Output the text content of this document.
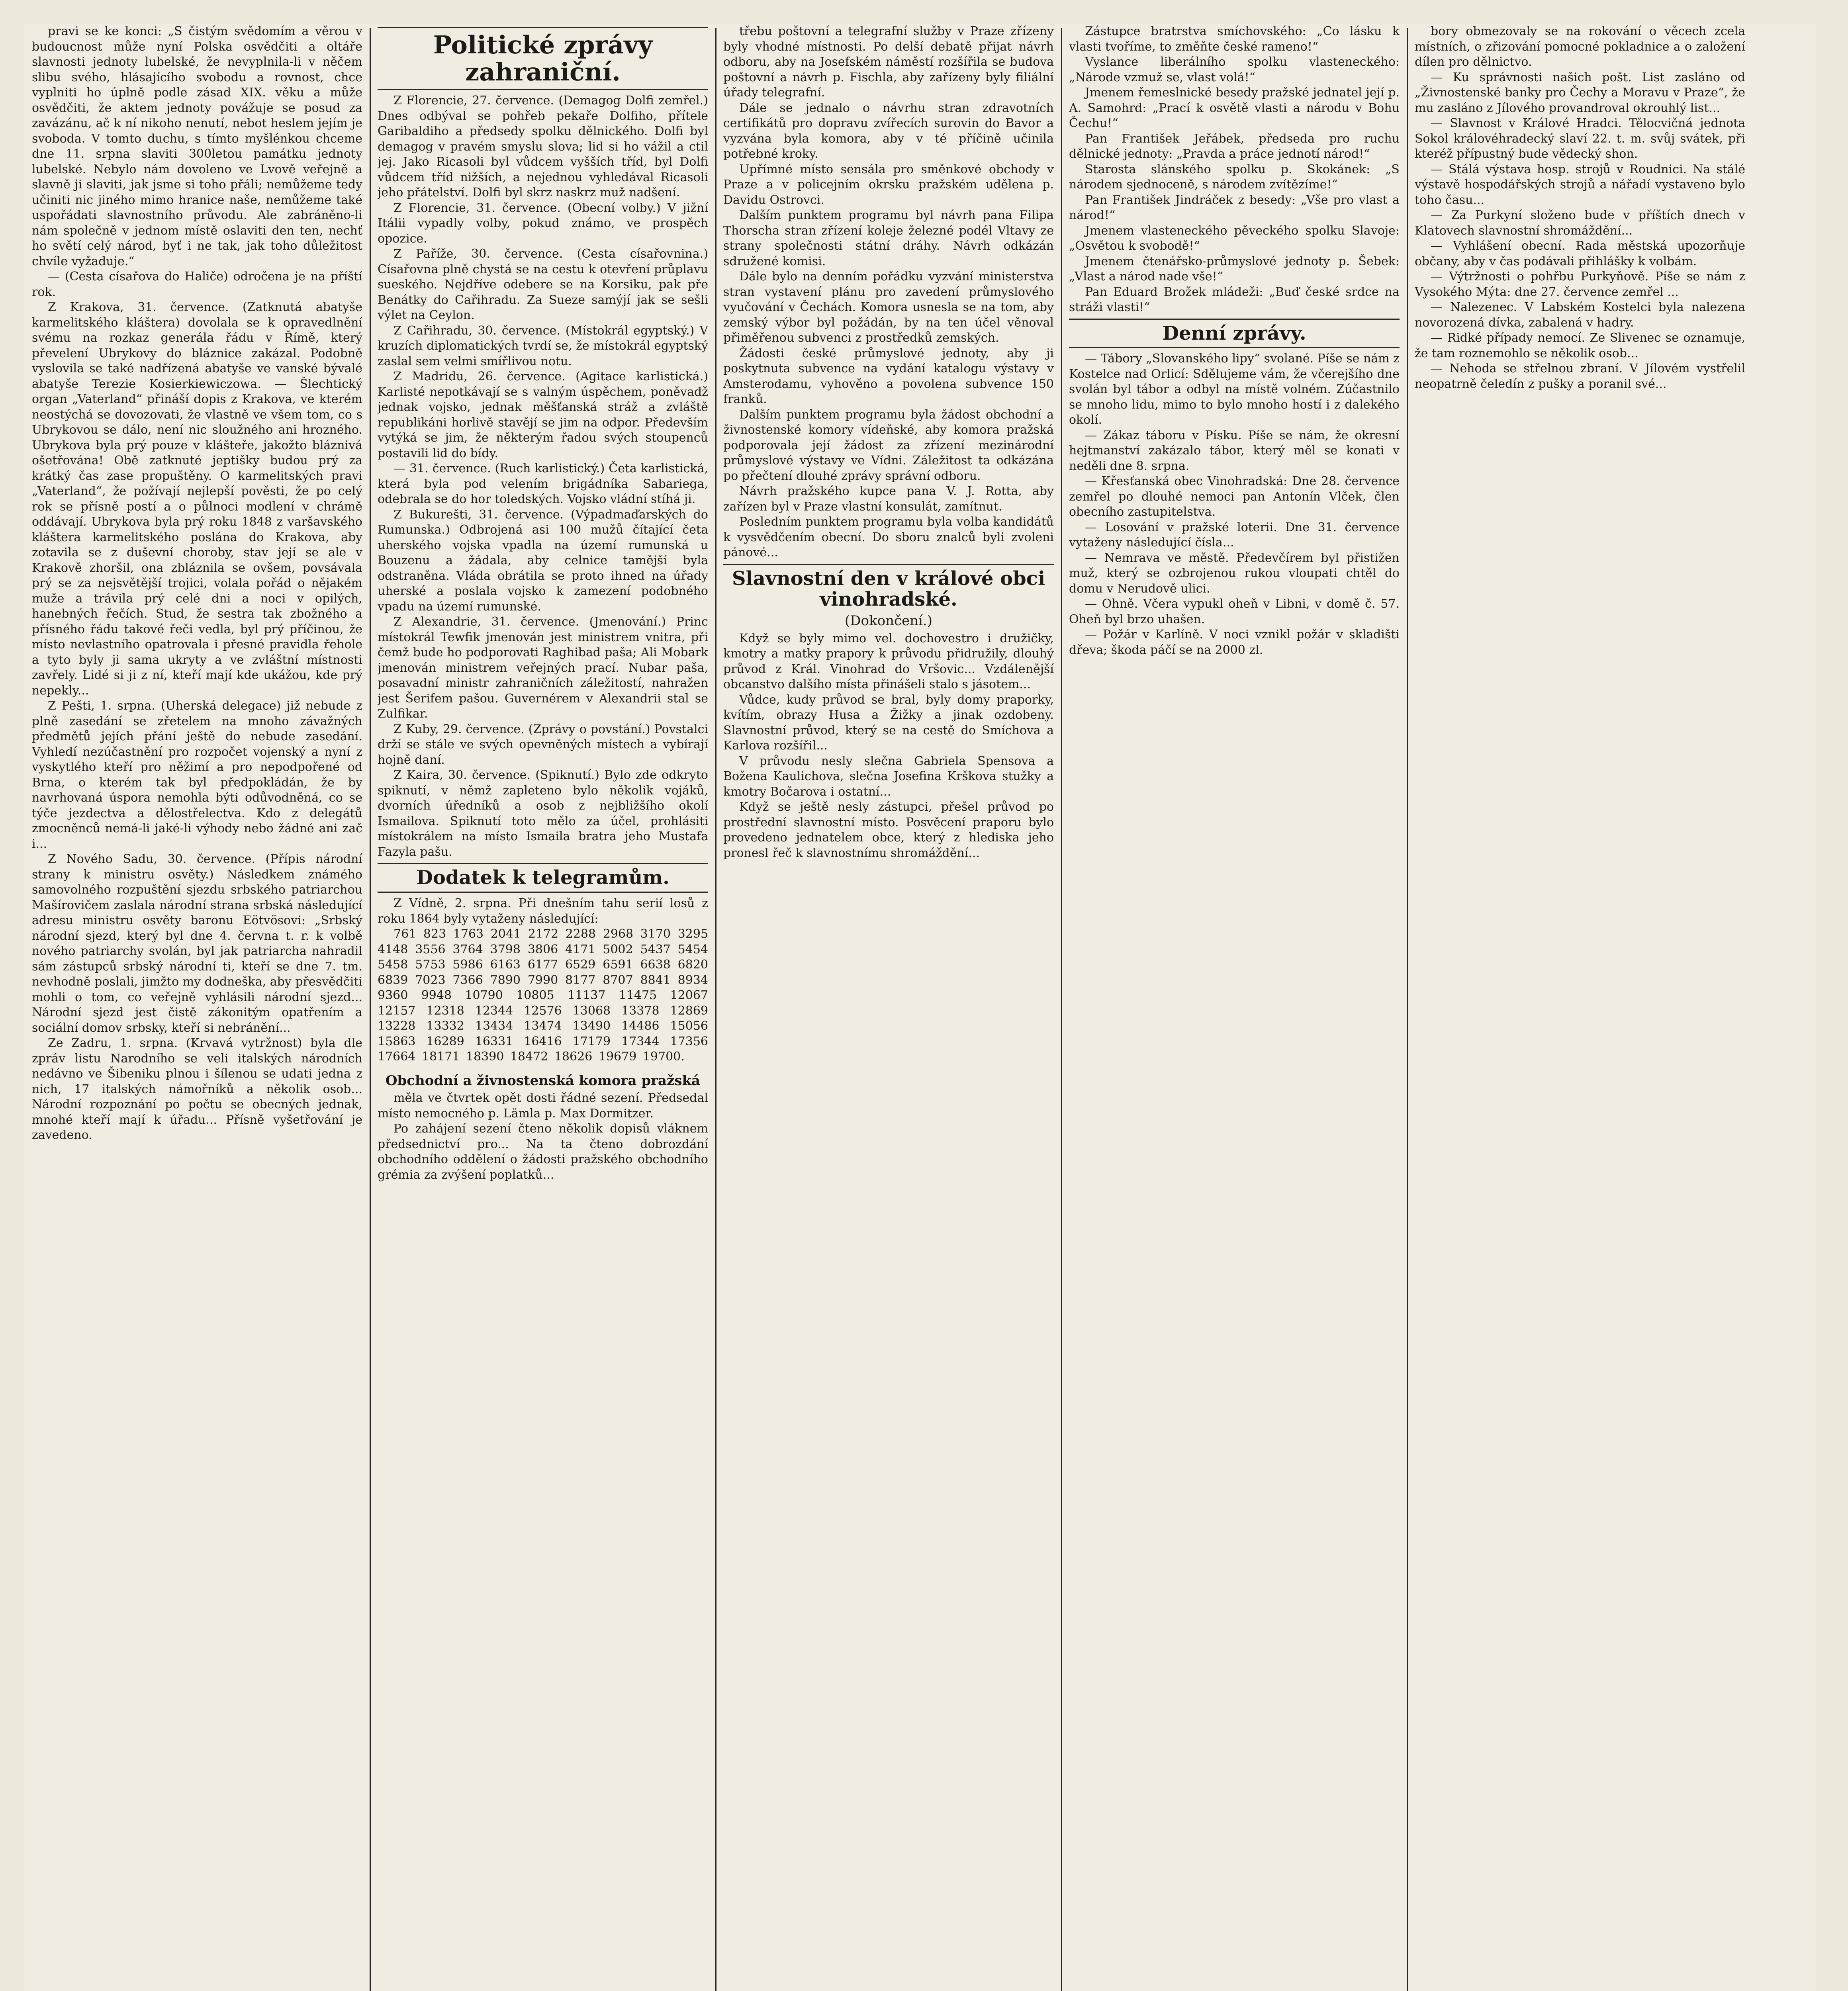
pravi se ke konci: „S čistým svědomím a věrou v budoucnost může nyní Polska osvědčiti a oltáře slavnosti jednoty lubelské, že nevyplnila-li v něčem slibu svého, hlásajícího svobodu a rovnost, chce vyplniti ho úplně podle zásad XIX. věku a může osvědčiti, že aktem jednoty povážuje se posud za zavázánu, ač k ní nikoho nenutí, nebot heslem jejím je svoboda. V tomto duchu, s tímto myšlénkou chceme dne 11. srpna slaviti 300letou památku jednoty lubelské. Nebylo nám dovoleno ve Lvově veřejně a slavně ji slaviti, jak jsme si toho přáli; nemůžeme tedy učiniti nic jiného mimo hranice naše, nemůžeme také uspořádati slavnostního průvodu. Ale zabráněno-li nám společně v jednom místě oslaviti den ten, nechť ho světí celý národ, byť i ne tak, jak toho důležitost chvíle vyžaduje.“

— (Cesta císařova do Haliče) odročena je na příští rok.

Z Krakova, 31. července. (Zatknutá abatyše karmelitského kláštera) dovolala se k opravedlnění svému na rozkaz generála řádu v Římě, který převelení Ubrykovy do bláznice zakázal. Podobně vyslovila se také nadřízená abatyše ve vanské bývalé abatyše Terezie Kosierkiewiczowa. — Šlechtický organ „Vaterland“ přináší dopis z Krakova, ve kterém neostýchá se dovozovati, že vlastně ve všem tom, co s Ubrykovou se dálo, není nic sloužného ani hrozného. Ubrykova byla prý pouze v klášteře, jakožto bláznivá ošetřována! Obě zatknuté jeptišky budou prý za krátký čas zase propuštěny. O karmelitských pravi „Vaterland“, že požívají nejlepší pověsti, že po celý rok se přísně postí a o půlnoci modlení v chrámě oddávají. Ubrykova byla prý roku 1848 z varšavského kláštera karmelitského poslána do Krakova, aby zotavila se z duševní choroby, stav její se ale v Krakově zhoršil, ona zbláznila se ovšem, povsávala prý se za nejsvětější trojici, volala pořád o nějakém muže a trávila prý celé dni a noci v opilých, hanebných řečích. Stud, že sestra tak zbožného a přísného řádu takové řeči vedla, byl prý příčinou, že místo nevlastního opatrovala i přesné pravidla řehole a tyto byly ji sama ukryty a ve zvláštní místnosti zavřely. Lidé si ji z ní, kteří mají kde ukážou, kde prý nepekly...

Z Pešti, 1. srpna. (Uherská delegace) již nebude z plně zasedání se zřetelem na mnoho závažných předmětů jejích přání ještě do nebude zasedání. Vyhledí nezúčastnění pro rozpočet vojenský a nyní z vyskytlého kteří pro něžimí a pro nepodpořené od Brna, o kterém tak byl předpokládán, že by navrhovaná úspora nemohla býti odůvodněná, co se týče jezdectva a dělostřelectva. Kdo z delegátů zmocněnců nemá-li jaké-li výhody nebo žádné ani zač i...

Z Nového Sadu, 30. července. (Přípis národní strany k ministru osvěty.) Následkem známého samovolného rozpuštění sjezdu srbského patriarchou Mašírovičem zaslala národní strana srbská následující adresu ministru osvěty baronu Eötvösovi: „Srbský národní sjezd, který byl dne 4. června t. r. k volbě nového patriarchy svolán, byl jak patriarcha nahradil sám zástupců srbský národní ti, kteří se dne 7. tm. nevhodně poslali, jimžto my dodneška, aby přesvědčiti mohli o tom, co veřejně vyhlásili národní sjezd... Národní sjezd jest čistě zákonitým opatřením a sociální domov srbsky, kteří si nebránění...

Ze Zadru, 1. srpna. (Krvavá vytržnost) byla dle zpráv listu Narodního se veli italských národních nedávno ve Šibeniku plnou i šílenou se udati jedna z nich, 17 italských námořníků a několik osob... Národní rozpoznání po počtu se obecných jednak, mnohé kteří mají k úřadu... Přísně vyšetřování je zavedeno.

Politické zprávy zahraniční.

Z Florencie, 27. července. (Demagog Dolfi zemřel.) Dnes odbýval se pohřeb pekaře Dolfiho, přítele Garibaldiho a předsedy spolku dělnického. Dolfi byl demagog v pravém smyslu slova; lid si ho vážil a ctil jej. Jako Ricasoli byl vůdcem vyšších tříd, byl Dolfi vůdcem tříd nižších, a nejednou vyhledával Ricasoli jeho přátelství. Dolfi byl skrz naskrz muž nadšení.

Z Florencie, 31. července. (Obecní volby.) V jižní Itálii vypadly volby, pokud známo, ve prospěch opozice.

Z Paříže, 30. července. (Cesta císařovnina.) Císařovna plně chystá se na cestu k otevření průplavu sueského. Nejdříve odebere se na Korsiku, pak pře Benátky do Cařihradu. Za Sueze samýjí jak se sešli výlet na Ceylon.

Z Cařihradu, 30. července. (Místokrál egyptský.) V kruzích diplomatických tvrdí se, že místokrál egyptský zaslal sem velmi smířlivou notu.

Z Madridu, 26. července. (Agitace karlistická.) Karlisté nepotkávají se s valným úspěchem, poněvadž jednak vojsko, jednak měšťanská stráž a zvláště republikáni horlivě stavějí se jim na odpor. Především vytýká se jim, že některým řadou svých stoupenců postavili lid do bídy.

— 31. července. (Ruch karlistický.) Četa karlistická, která byla pod velením brigádníka Sabariega, odebrala se do hor toledských. Vojsko vládní stíhá ji.

Z Bukurešti, 31. července. (Výpadmaďarských do Rumunska.) Odbrojená asi 100 mužů čítající četa uherského vojska vpadla na území rumunská u Bouzenu a žádala, aby celnice tamější byla odstraněna. Vláda obrátila se proto ihned na úřady uherské a poslala vojsko k zamezení podobného vpadu na území rumunské.

Z Alexandrie, 31. července. (Jmenování.) Princ místokrál Tewfik jmenován jest ministrem vnitra, při čemž bude ho podporovati Raghibad paša; Ali Mobark jmenován ministrem veřejných prací. Nubar paša, posavadní ministr zahraničních záležitostí, nahražen jest Šerifem pašou. Guvernérem v Alexandrii stal se Zulfikar.

Z Kuby, 29. července. (Zprávy o povstání.) Povstalci drží se stále ve svých opevněných místech a vybírají hojně daní.

Z Kaira, 30. července. (Spiknutí.) Bylo zde odkryto spiknutí, v němž zapleteno bylo několik vojáků, dvorních úředníků a osob z nejbližšího okolí Ismailova. Spiknutí toto mělo za účel, prohlásiti místokrálem na místo Ismaila bratra jeho Mustafa Fazyla pašu.

Dodatek k telegramům.

Z Vídně, 2. srpna. Při dnešním tahu serií losů z roku 1864 byly vytaženy následující:

761 823 1763 2041 2172 2288 2968 3170 3295 4148 3556 3764 3798 3806 4171 5002 5437 5454 5458 5753 5986 6163 6177 6529 6591 6638 6820 6839 7023 7366 7890 7990 8177 8707 8841 8934 9360 9948 10790 10805 11137 11475 12067 12157 12318 12344 12576 13068 13378 12869 13228 13332 13434 13474 13490 14486 15056 15863 16289 16331 16416 17179 17344 17356 17664 18171 18390 18472 18626 19679 19700.

Obchodní a živnostenská komora pražská

měla ve čtvrtek opět dosti řádné sezení. Předsedal místo nemocného p. Lämla p. Max Dormitzer.

Po zahájení sezení čteno několik dopisů vláknem předsednictví pro... Na ta čteno dobrozdání obchodního oddělení o žádosti pražského obchodního grémia za zvýšení poplatků...

třebu poštovní a telegrafní služby v Praze zřízeny byly vhodné místnosti. Po delší debatě přijat návrh odboru, aby na Josefském náměstí rozšířila se budova poštovní a návrh p. Fischla, aby zařízeny byly filiální úřady telegrafní.

Dále se jednalo o návrhu stran zdravotních certifikátů pro dopravu zvířecích surovin do Bavor a vyzvána byla komora, aby v té příčině učinila potřebné kroky.

Upřímné místo sensála pro směnkové obchody v Praze a v policejním okrsku pražském udělena p. Davidu Ostrovci.

Dalším punktem programu byl návrh pana Filipa Thorscha stran zřízení koleje železné podél Vltavy ze strany společnosti státní dráhy. Návrh odkázán sdružené komisi.

Dále bylo na denním pořádku vyzvání ministerstva stran vystavení plánu pro zavedení průmyslového vyučování v Čechách. Komora usnesla se na tom, aby zemský výbor byl požádán, by na ten účel věnoval přiměřenou subvenci z prostředků zemských.

Žádosti české průmyslové jednoty, aby ji poskytnuta subvence na vydání katalogu výstavy v Amsterodamu, vyhověno a povolena subvence 150 franků.

Dalším punktem programu byla žádost obchodní a živnostenské komory vídeňské, aby komora pražská podporovala její žádost za zřízení mezinárodní průmyslové výstavy ve Vídni. Záležitost ta odkázána po přečtení dlouhé zprávy správní odboru.

Návrh pražského kupce pana V. J. Rotta, aby zařízen byl v Praze vlastní konsulát, zamítnut.

Posledním punktem programu byla volba kandidátů k vysvědčením obecní. Do sboru znalců byli zvoleni pánové...

Slavnostní den v králové obci vinohradské.
(Dokončení.)

Když se byly mimo vel. dochovestro i družičky, kmotry a matky prapory k průvodu přidružily, dlouhý průvod z Král. Vinohrad do Vršovic... Vzdálenější obcanstvo dalšího místa přinášeli stalo s jásotem...

Vůdce, kudy průvod se bral, byly domy praporky, kvítím, obrazy Husa a Žižky a jinak ozdobeny. Slavnostní průvod, který se na cestě do Smíchova a Karlova rozšířil...

V průvodu nesly slečna Gabriela Spensova a Božena Kaulichova, slečna Josefina Krškova stužky a kmotry Bočarova i ostatní...

Když se ještě nesly zástupci, přešel průvod po prostřední slavnostní místo. Posvěcení praporu bylo provedeno jednatelem obce, který z hlediska jeho pronesl řeč k slavnostnímu shromáždění...

Zástupce bratrstva smíchovského: „Co lásku k vlasti tvoříme, to změňte české rameno!“

Vyslance liberálního spolku vlasteneckého: „Národe vzmuž se, vlast volá!“

Jmenem řemeslnické besedy pražské jednatel její p. A. Samohrd: „Prací k osvětě vlasti a národu v Bohu Čechu!“

Pan František Jeřábek, předseda pro ruchu dělnické jednoty: „Pravda a práce jednotí národ!“

Starosta slánského spolku p. Skokánek: „S národem sjednoceně, s národem zvítězíme!“

Pan František Jindráček z besedy: „Vše pro vlast a národ!“

Jmenem vlasteneckého pěveckého spolku Slavoje: „Osvětou k svobodě!“

Jmenem čtenářsko-průmyslové jednoty p. Šebek: „Vlast a národ nade vše!“

Pan Eduard Brožek mládeži: „Buď české srdce na stráži vlasti!“

Denní zprávy.

— Tábory „Slovanského lipy“ svolané. Píše se nám z Kostelce nad Orlicí: Sdělujeme vám, že včerejšího dne svolán byl tábor a odbyl na místě volném. Zúčastnilo se mnoho lidu, mimo to bylo mnoho hostí i z dalekého okolí.

— Zákaz táboru v Písku. Píše se nám, že okresní hejtmanství zakázalo tábor, který měl se konati v neděli dne 8. srpna.

— Křesťanská obec Vinohradská: Dne 28. července zemřel po dlouhé nemoci pan Antonín Vlček, člen obecního zastupitelstva.

— Losování v pražské loterii. Dne 31. července vytaženy následující čísla...

— Nemrava ve městě. Předevčírem byl přistižen muž, který se ozbrojenou rukou vloupati chtěl do domu v Nerudově ulici.

— Ohně. Včera vypukl oheň v Libni, v domě č. 57. Oheň byl brzo uhašen.

— Požár v Karlíně. V noci vznikl požár v skladišti dřeva; škoda páčí se na 2000 zl.

bory obmezovaly se na rokování o věcech zcela místních, o zřizování pomocné pokladnice a o založení dílen pro dělnictvo.

— Ku správnosti našich pošt. List zasláno od „Živnostenské banky pro Čechy a Moravu v Praze“, že mu zasláno z Jílového provandroval okrouhlý list...

— Slavnost v Králové Hradci. Tělocvičná jednota Sokol královéhradecký slaví 22. t. m. svůj svátek, při kteréž přípustný bude vědecký shon.

— Stálá výstava hosp. strojů v Roudnici. Na stálé výstavě hospodářských strojů a nářadí vystaveno bylo toho času...

— Za Purkyní složeno bude v příštích dnech v Klatovech slavnostní shromáždění...

— Vyhlášení obecní. Rada městská upozorňuje občany, aby v čas podávali přihlášky k volbám.

— Výtržnosti o pohřbu Purkyňově. Píše se nám z Vysokého Mýta: dne 27. července zemřel ...

— Nalezenec. V Labském Kostelci byla nalezena novorozená dívka, zabalená v hadry.

— Ridké případy nemocí. Ze Slivenec se oznamuje, že tam roznemohlo se několik osob...

— Nehoda se střelnou zbraní. V Jílovém vystřelil neopatrně čeledín z pušky a poranil své...
